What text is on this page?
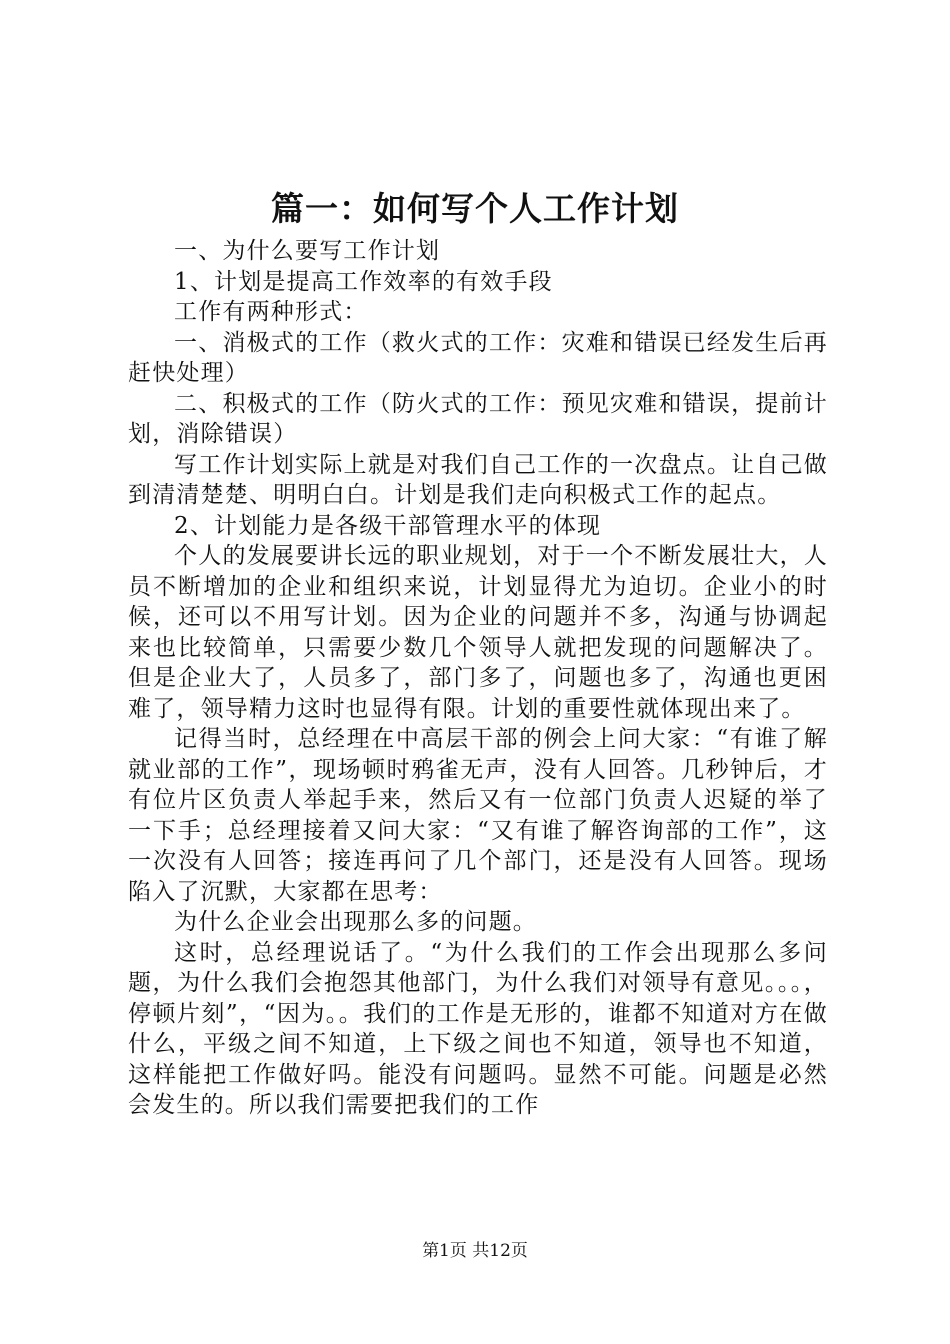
篇一：如何写个人工作计划

一、为什么要写工作计划

1、计划是提高工作效率的有效手段

工作有两种形式：

一、消极式的工作（救火式的工作：灾难和错误已经发生后再赶快处理）

二、积极式的工作（防火式的工作：预见灾难和错误，提前计划，消除错误）

写工作计划实际上就是对我们自己工作的一次盘点。让自己做到清清楚楚、明明白白。计划是我们走向积极式工作的起点。

2、计划能力是各级干部管理水平的体现

个人的发展要讲长远的职业规划，对于一个不断发展壮大，人员不断增加的企业和组织来说，计划显得尤为迫切。企业小的时候，还可以不用写计划。因为企业的问题并不多，沟通与协调起来也比较简单，只需要少数几个领导人就把发现的问题解决了。但是企业大了，人员多了，部门多了，问题也多了，沟通也更困难了，领导精力这时也显得有限。计划的重要性就体现出来了。

记得当时，总经理在中高层干部的例会上问大家：“有谁了解就业部的工作”，现场顿时鸦雀无声，没有人回答。几秒钟后，才有位片区负责人举起手来，然后又有一位部门负责人迟疑的举了一下手；总经理接着又问大家：“又有谁了解咨询部的工作”，这一次没有人回答；接连再问了几个部门，还是没有人回答。现场陷入了沉默，大家都在思考：

为什么企业会出现那么多的问题。

这时，总经理说话了。“为什么我们的工作会出现那么多问题，为什么我们会抱怨其他部门，为什么我们对领导有意见。。。，停顿片刻”，“因为。。我们的工作是无形的，谁都不知道对方在做什么，平级之间不知道，上下级之间也不知道，领导也不知道，这样能把工作做好吗。能没有问题吗。显然不可能。问题是必然会发生的。所以我们需要把我们的工作

第1页 共12页
